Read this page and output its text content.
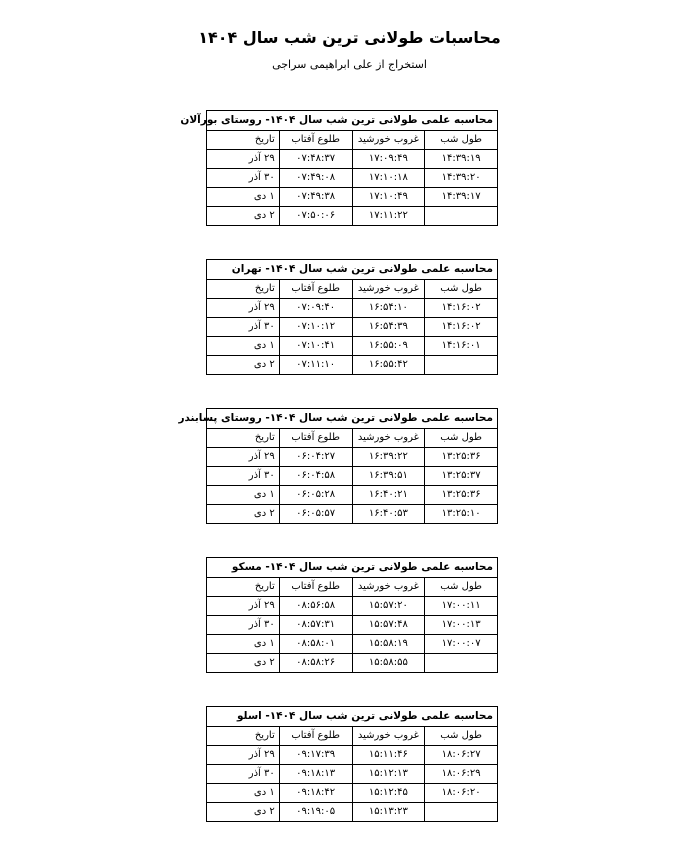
محاسبات طولانی ترین شب سال ۱۴۰۴
استخراج از علی ابراهیمی سراجی
محاسبه علمی طولانی ترین شب سال ۱۴۰۴- روستای بورآلان			
طول شب	غروب خورشید	طلوع آفتاب	تاریخ
۱۴:۳۹:۱۹	۱۷:۰۹:۴۹	۰۷:۴۸:۳۷	۲۹ آذر
۱۴:۳۹:۲۰	۱۷:۱۰:۱۸	۰۷:۴۹:۰۸	۳۰ آذر
۱۴:۳۹:۱۷	۱۷:۱۰:۴۹	۰۷:۴۹:۳۸	۱ دی
	۱۷:۱۱:۲۲	۰۷:۵۰:۰۶	۲ دی
محاسبه علمی طولانی ترین شب سال ۱۴۰۴- تهران			
طول شب	غروب خورشید	طلوع آفتاب	تاریخ
۱۴:۱۶:۰۲	۱۶:۵۴:۱۰	۰۷:۰۹:۴۰	۲۹ آذر
۱۴:۱۶:۰۲	۱۶:۵۴:۳۹	۰۷:۱۰:۱۲	۳۰ آذر
۱۴:۱۶:۰۱	۱۶:۵۵:۰۹	۰۷:۱۰:۴۱	۱ دی
	۱۶:۵۵:۴۲	۰۷:۱۱:۱۰	۲ دی
محاسبه علمی طولانی ترین شب سال ۱۴۰۴- روستای پسابندر			
طول شب	غروب خورشید	طلوع آفتاب	تاریخ
۱۳:۲۵:۳۶	۱۶:۳۹:۲۲	۰۶:۰۴:۲۷	۲۹ آذر
۱۳:۲۵:۳۷	۱۶:۳۹:۵۱	۰۶:۰۴:۵۸	۳۰ آذر
۱۳:۲۵:۳۶	۱۶:۴۰:۲۱	۰۶:۰۵:۲۸	۱ دی
۱۳:۲۵:۱۰	۱۶:۴۰:۵۳	۰۶:۰۵:۵۷	۲ دی
محاسبه علمی طولانی ترین شب سال ۱۴۰۴- مسکو			
طول شب	غروب خورشید	طلوع آفتاب	تاریخ
۱۷:۰۰:۱۱	۱۵:۵۷:۲۰	۰۸:۵۶:۵۸	۲۹ آذر
۱۷:۰۰:۱۳	۱۵:۵۷:۴۸	۰۸:۵۷:۳۱	۳۰ آذر
۱۷:۰۰:۰۷	۱۵:۵۸:۱۹	۰۸:۵۸:۰۱	۱ دی
	۱۵:۵۸:۵۵	۰۸:۵۸:۲۶	۲ دی
محاسبه علمی طولانی ترین شب سال ۱۴۰۴- اسلو			
طول شب	غروب خورشید	طلوع آفتاب	تاریخ
۱۸:۰۶:۲۷	۱۵:۱۱:۴۶	۰۹:۱۷:۳۹	۲۹ آذر
۱۸:۰۶:۲۹	۱۵:۱۲:۱۳	۰۹:۱۸:۱۳	۳۰ آذر
۱۸:۰۶:۲۰	۱۵:۱۲:۴۵	۰۹:۱۸:۴۲	۱ دی
	۱۵:۱۳:۲۳	۰۹:۱۹:۰۵	۲ دی
